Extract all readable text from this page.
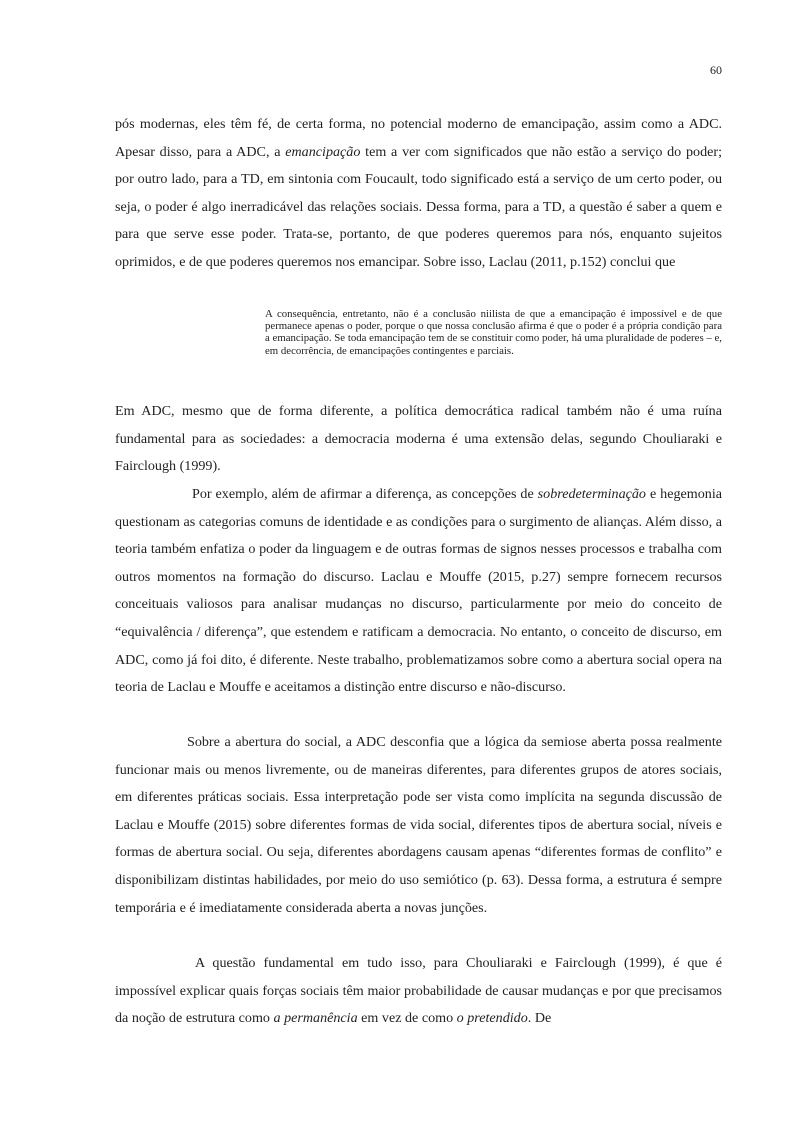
60

pós modernas, eles têm fé, de certa forma, no potencial moderno de emancipação, assim como a ADC. Apesar disso, para a ADC, a emancipação tem a ver com significados que não estão a serviço do poder; por outro lado, para a TD, em sintonia com Foucault, todo significado está a serviço de um certo poder, ou seja, o poder é algo inerradicável das relações sociais. Dessa forma, para a TD, a questão é saber a quem e para que serve esse poder. Trata-se, portanto, de que poderes queremos para nós, enquanto sujeitos oprimidos, e de que poderes queremos nos emancipar. Sobre isso, Laclau (2011, p.152) conclui que

A consequência, entretanto, não é a conclusão niilista de que a emancipação é impossível e de que permanece apenas o poder, porque o que nossa conclusão afirma é que o poder é a própria condição para a emancipação. Se toda emancipação tem de se constituir como poder, há uma pluralidade de poderes – e, em decorrência, de emancipações contingentes e parciais.

Em ADC, mesmo que de forma diferente, a política democrática radical também não é uma ruína fundamental para as sociedades: a democracia moderna é uma extensão delas, segundo Chouliaraki e Fairclough (1999).

Por exemplo, além de afirmar a diferença, as concepções de sobredeterminação e hegemonia questionam as categorias comuns de identidade e as condições para o surgimento de alianças. Além disso, a teoria também enfatiza o poder da linguagem e de outras formas de signos nesses processos e trabalha com outros momentos na formação do discurso. Laclau e Mouffe (2015, p.27) sempre fornecem recursos conceituais valiosos para analisar mudanças no discurso, particularmente por meio do conceito de “equivalência / diferença”, que estendem e ratificam a democracia. No entanto, o conceito de discurso, em ADC, como já foi dito, é diferente. Neste trabalho, problematizamos sobre como a abertura social opera na teoria de Laclau e Mouffe e aceitamos a distinção entre discurso e não-discurso.

Sobre a abertura do social, a ADC desconfia que a lógica da semiose aberta possa realmente funcionar mais ou menos livremente, ou de maneiras diferentes, para diferentes grupos de atores sociais, em diferentes práticas sociais. Essa interpretação pode ser vista como implícita na segunda discussão de Laclau e Mouffe (2015) sobre diferentes formas de vida social, diferentes tipos de abertura social, níveis e formas de abertura social. Ou seja, diferentes abordagens causam apenas “diferentes formas de conflito” e disponibilizam distintas habilidades, por meio do uso semiótico (p. 63). Dessa forma, a estrutura é sempre temporária e é imediatamente considerada aberta a novas junções.

A questão fundamental em tudo isso, para Chouliaraki e Fairclough (1999), é que é impossível explicar quais forças sociais têm maior probabilidade de causar mudanças e por que precisamos da noção de estrutura como a permanência em vez de como o pretendido. De
